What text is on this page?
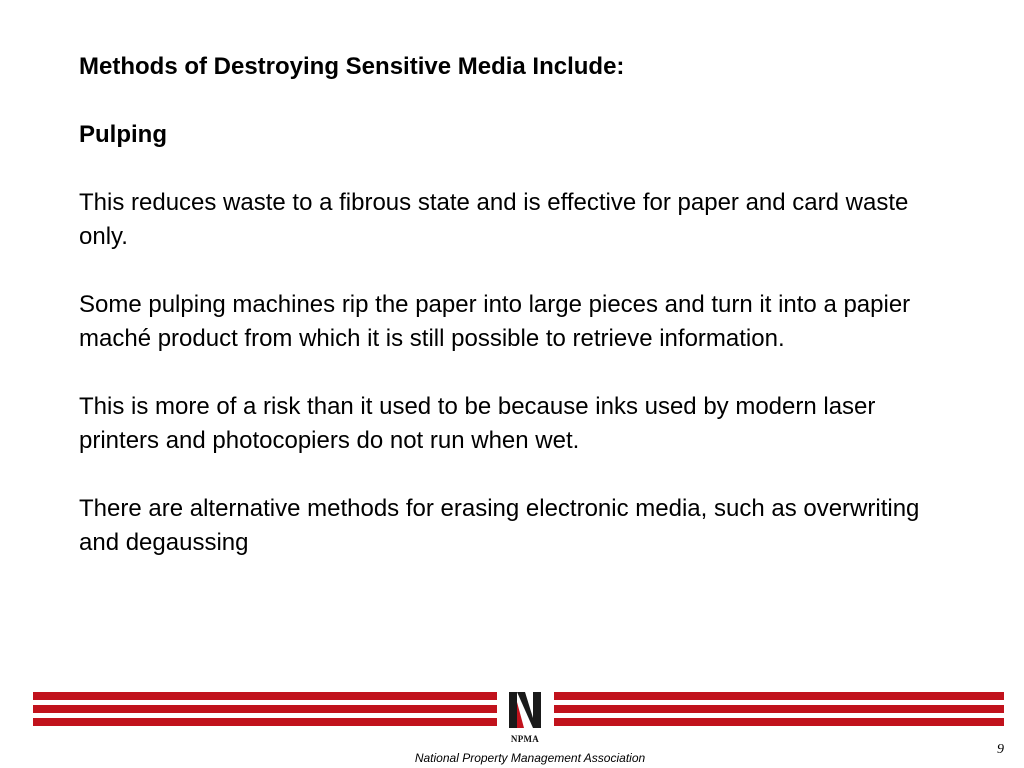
Methods of Destroying Sensitive Media Include:

Pulping

This reduces waste to a fibrous state and is effective for paper and card waste only.

Some pulping machines rip the paper into large pieces and turn it into a papier maché product from which it is still possible to retrieve information.

This is more of a risk than it used to be because inks used by modern laser printers and photocopiers do not run when wet.

There are alternative methods for erasing electronic media, such as overwriting and degaussing

NPMA
National Property Management Association
9
